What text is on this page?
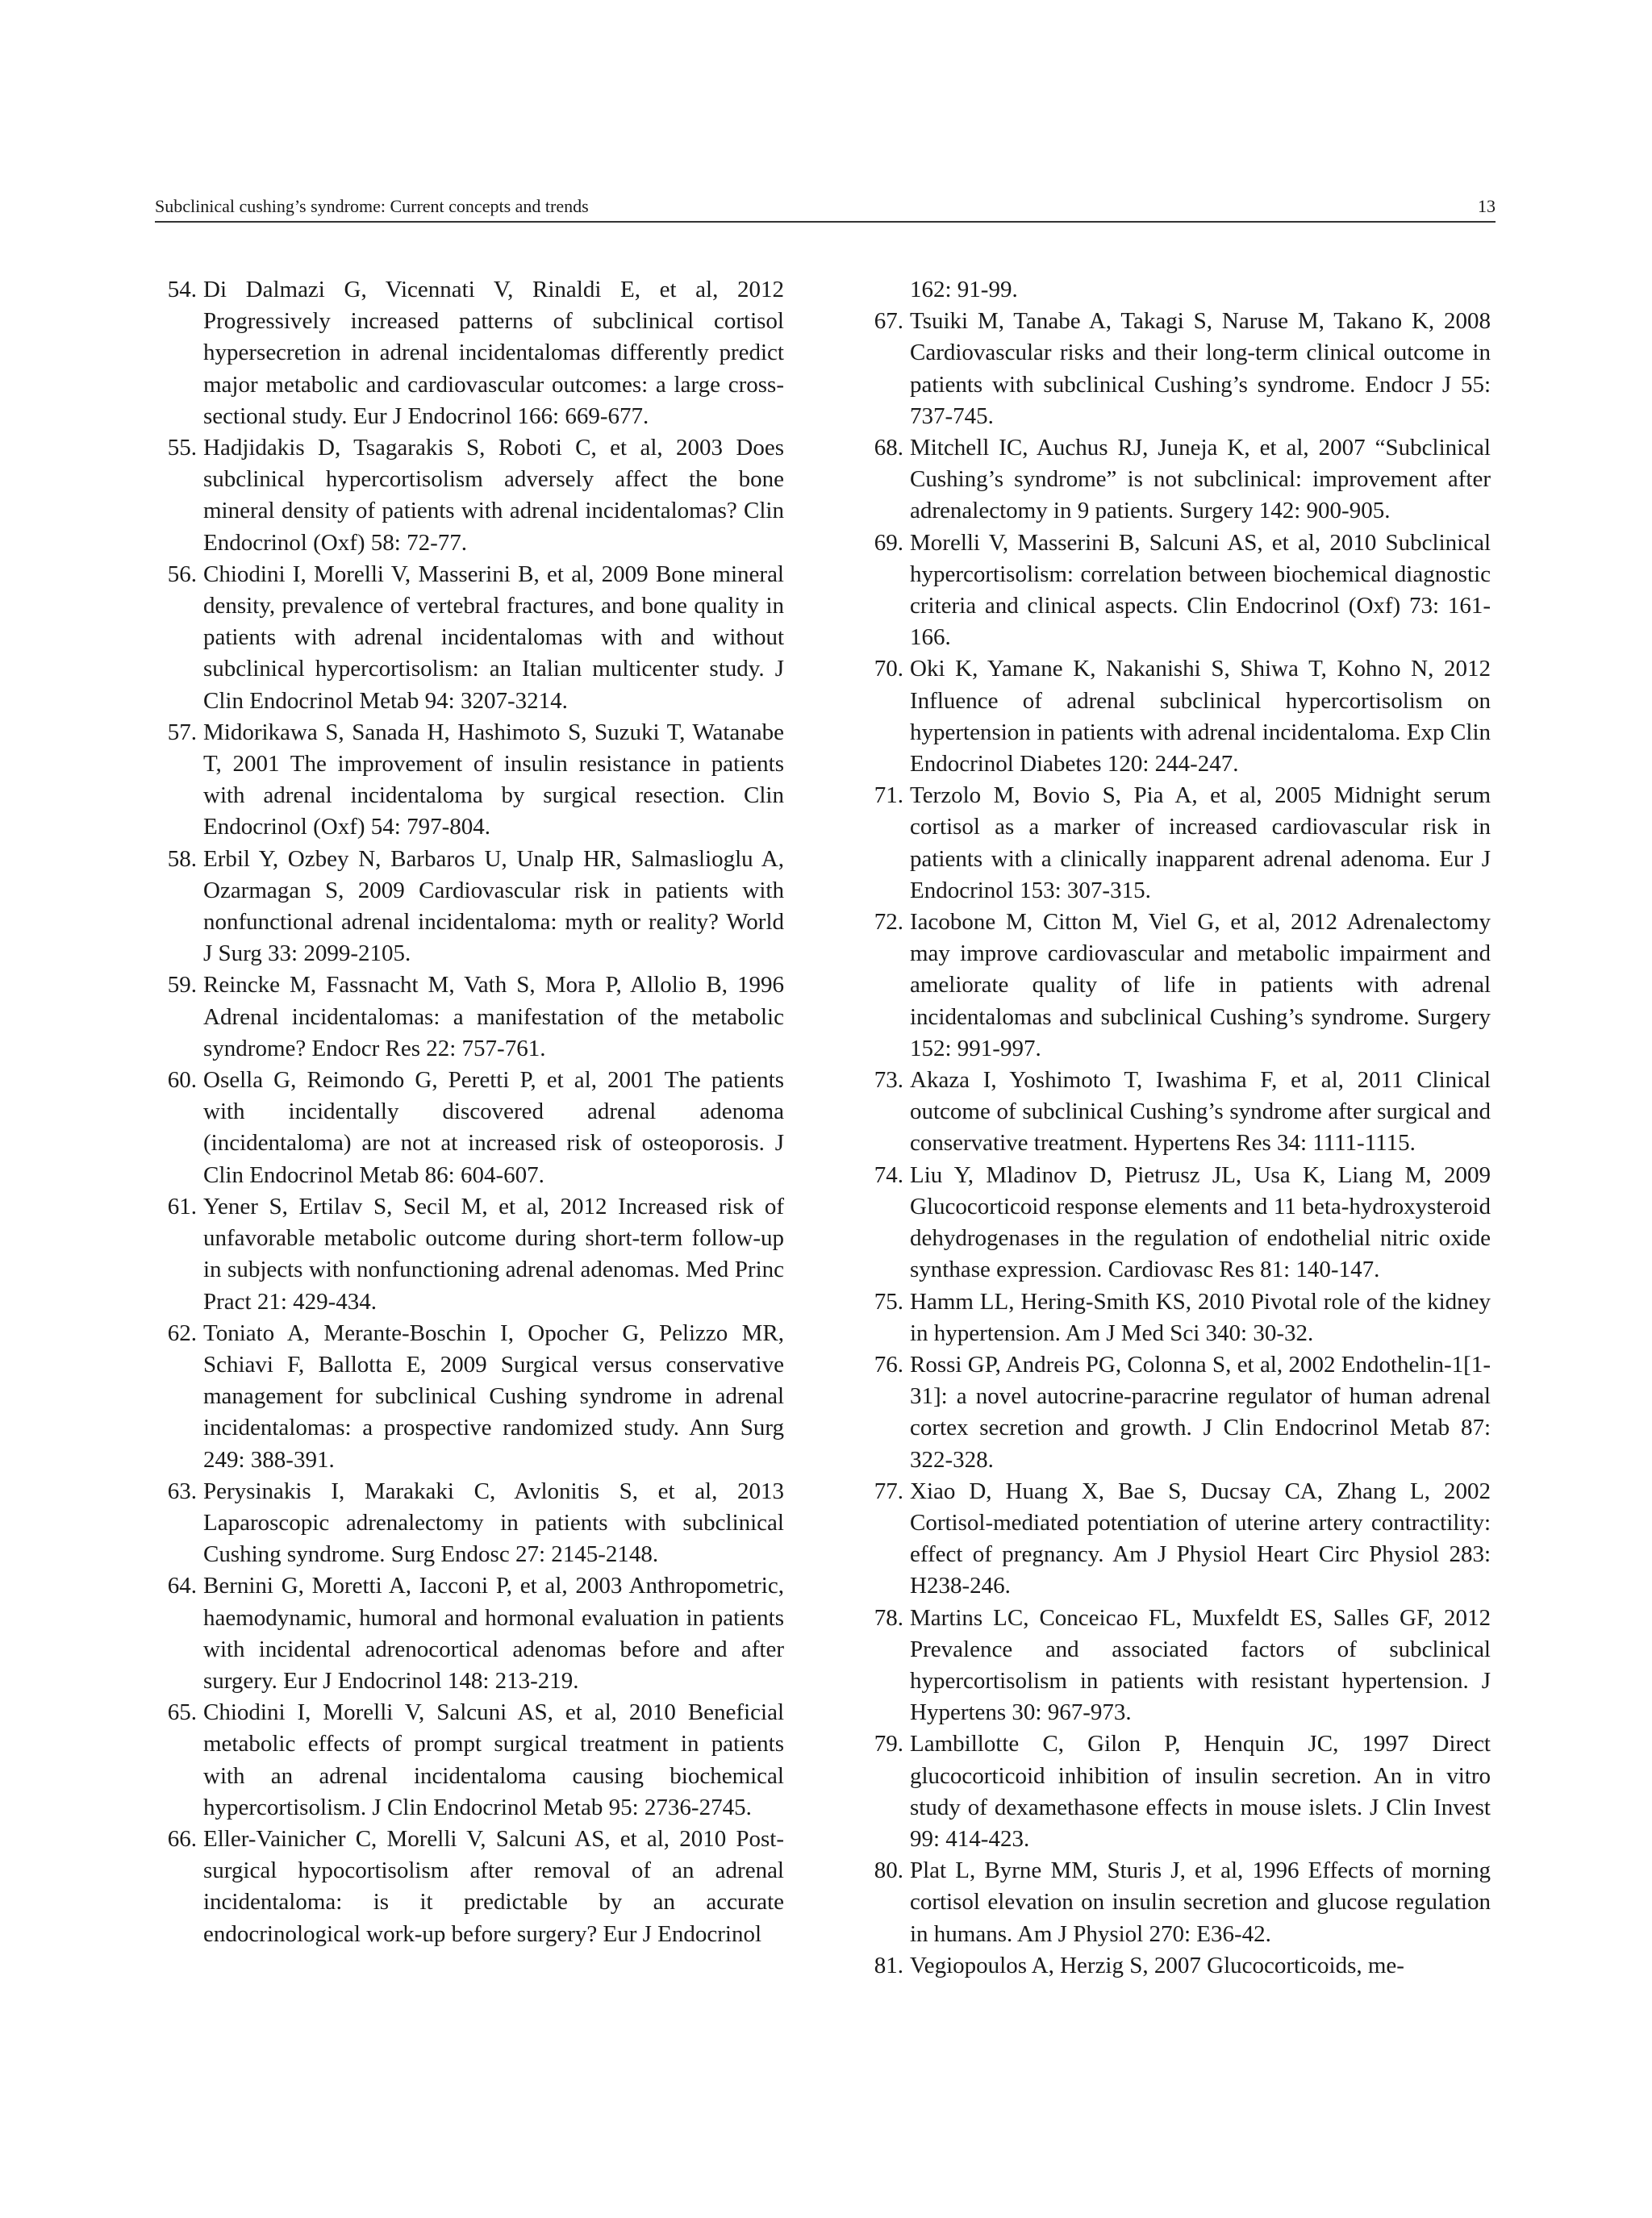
Subclinical cushing’s syndrome: Current concepts and trends	13
54. Di Dalmazi G, Vicennati V, Rinaldi E, et al, 2012 Progressively increased patterns of subclinical cortisol hypersecretion in adrenal incidentalomas differently predict major metabolic and cardiovascular outcomes: a large cross-sectional study. Eur J Endocrinol 166: 669-677.
55. Hadjidakis D, Tsagarakis S, Roboti C, et al, 2003 Does subclinical hypercortisolism adversely affect the bone mineral density of patients with adrenal incidentalomas? Clin Endocrinol (Oxf) 58: 72-77.
56. Chiodini I, Morelli V, Masserini B, et al, 2009 Bone mineral density, prevalence of vertebral fractures, and bone quality in patients with adrenal incidentalomas with and without subclinical hypercortisolism: an Italian multicenter study. J Clin Endocrinol Metab 94: 3207-3214.
57. Midorikawa S, Sanada H, Hashimoto S, Suzuki T, Watanabe T, 2001 The improvement of insulin resistance in patients with adrenal incidentaloma by surgical resection. Clin Endocrinol (Oxf) 54: 797-804.
58. Erbil Y, Ozbey N, Barbaros U, Unalp HR, Salmaslioglu A, Ozarmagan S, 2009 Cardiovascular risk in patients with nonfunctional adrenal incidentaloma: myth or reality? World J Surg 33: 2099-2105.
59. Reincke M, Fassnacht M, Vath S, Mora P, Allolio B, 1996 Adrenal incidentalomas: a manifestation of the metabolic syndrome? Endocr Res 22: 757-761.
60. Osella G, Reimondo G, Peretti P, et al, 2001 The patients with incidentally discovered adrenal adenoma (incidentaloma) are not at increased risk of osteoporosis. J Clin Endocrinol Metab 86: 604-607.
61. Yener S, Ertilav S, Secil M, et al, 2012 Increased risk of unfavorable metabolic outcome during short-term follow-up in subjects with nonfunctioning adrenal adenomas. Med Princ Pract 21: 429-434.
62. Toniato A, Merante-Boschin I, Opocher G, Pelizzo MR, Schiavi F, Ballotta E, 2009 Surgical versus conservative management for subclinical Cushing syndrome in adrenal incidentalomas: a prospective randomized study. Ann Surg 249: 388-391.
63. Perysinakis I, Marakaki C, Avlonitis S, et al, 2013 Laparoscopic adrenalectomy in patients with subclinical Cushing syndrome. Surg Endosc 27: 2145-2148.
64. Bernini G, Moretti A, Iacconi P, et al, 2003 Anthropometric, haemodynamic, humoral and hormonal evaluation in patients with incidental adrenocortical adenomas before and after surgery. Eur J Endocrinol 148: 213-219.
65. Chiodini I, Morelli V, Salcuni AS, et al, 2010 Beneficial metabolic effects of prompt surgical treatment in patients with an adrenal incidentaloma causing biochemical hypercortisolism. J Clin Endocrinol Metab 95: 2736-2745.
66. Eller-Vainicher C, Morelli V, Salcuni AS, et al, 2010 Post-surgical hypocortisolism after removal of an adrenal incidentaloma: is it predictable by an accurate endocrinological work-up before surgery? Eur J Endocrinol
162: 91-99.
67. Tsuiki M, Tanabe A, Takagi S, Naruse M, Takano K, 2008 Cardiovascular risks and their long-term clinical outcome in patients with subclinical Cushing’s syndrome. Endocr J 55: 737-745.
68. Mitchell IC, Auchus RJ, Juneja K, et al, 2007 “Subclinical Cushing’s syndrome” is not subclinical: improvement after adrenalectomy in 9 patients. Surgery 142: 900-905.
69. Morelli V, Masserini B, Salcuni AS, et al, 2010 Subclinical hypercortisolism: correlation between biochemical diagnostic criteria and clinical aspects. Clin Endocrinol (Oxf) 73: 161-166.
70. Oki K, Yamane K, Nakanishi S, Shiwa T, Kohno N, 2012 Influence of adrenal subclinical hypercortisolism on hypertension in patients with adrenal incidentaloma. Exp Clin Endocrinol Diabetes 120: 244-247.
71. Terzolo M, Bovio S, Pia A, et al, 2005 Midnight serum cortisol as a marker of increased cardiovascular risk in patients with a clinically inapparent adrenal adenoma. Eur J Endocrinol 153: 307-315.
72. Iacobone M, Citton M, Viel G, et al, 2012 Adrenalectomy may improve cardiovascular and metabolic impairment and ameliorate quality of life in patients with adrenal incidentalomas and subclinical Cushing’s syndrome. Surgery 152: 991-997.
73. Akaza I, Yoshimoto T, Iwashima F, et al, 2011 Clinical outcome of subclinical Cushing’s syndrome after surgical and conservative treatment. Hypertens Res 34: 1111-1115.
74. Liu Y, Mladinov D, Pietrusz JL, Usa K, Liang M, 2009 Glucocorticoid response elements and 11 beta-hydroxysteroid dehydrogenases in the regulation of endothelial nitric oxide synthase expression. Cardiovasc Res 81: 140-147.
75. Hamm LL, Hering-Smith KS, 2010 Pivotal role of the kidney in hypertension. Am J Med Sci 340: 30-32.
76. Rossi GP, Andreis PG, Colonna S, et al, 2002 Endothelin-1[1-31]: a novel autocrine-paracrine regulator of human adrenal cortex secretion and growth. J Clin Endocrinol Metab 87: 322-328.
77. Xiao D, Huang X, Bae S, Ducsay CA, Zhang L, 2002 Cortisol-mediated potentiation of uterine artery contractility: effect of pregnancy. Am J Physiol Heart Circ Physiol 283: H238-246.
78. Martins LC, Conceicao FL, Muxfeldt ES, Salles GF, 2012 Prevalence and associated factors of subclinical hypercortisolism in patients with resistant hypertension. J Hypertens 30: 967-973.
79. Lambillotte C, Gilon P, Henquin JC, 1997 Direct glucocorticoid inhibition of insulin secretion. An in vitro study of dexamethasone effects in mouse islets. J Clin Invest 99: 414-423.
80. Plat L, Byrne MM, Sturis J, et al, 1996 Effects of morning cortisol elevation on insulin secretion and glucose regulation in humans. Am J Physiol 270: E36-42.
81. Vegiopoulos A, Herzig S, 2007 Glucocorticoids, me-
